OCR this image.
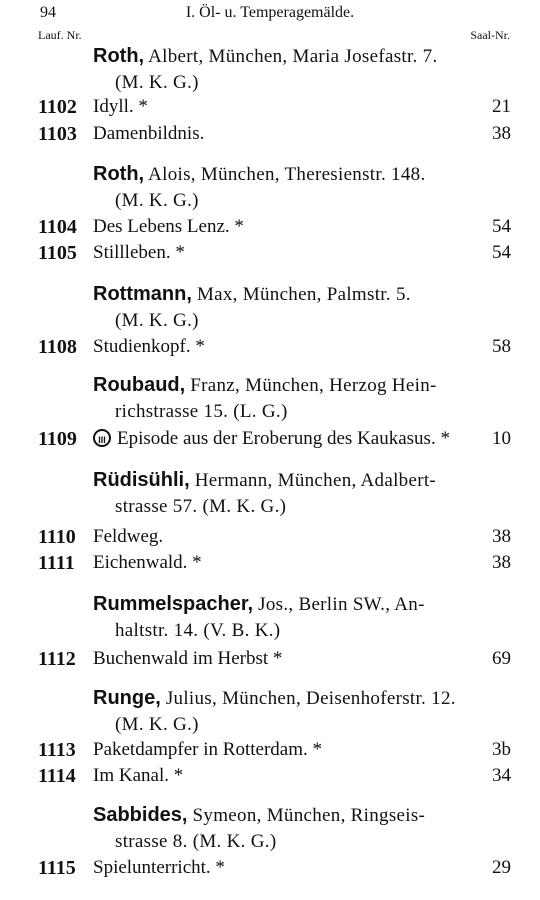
94	I. Öl- u. Temperagemälde.
Lauf. Nr.	Saal-Nr.
Roth, Albert, München, Maria Josefastr. 7.
(M. K. G.)
1102 Idyll. *	21
1103 Damenbildnis.	38
Roth, Alois, München, Theresienstr. 148.
(M. K. G.)
1104 Des Lebens Lenz. *	54
1105 Stillleben. *	54
Rottmann, Max, München, Palmstr. 5.
(M. K. G.)
1108 Studienkopf. *	58
Roubaud, Franz, München, Herzog Hein-
richstrasse 15. (L. G.)
1109	III Episode aus der Eroberung des Kaukasus. * 10
Rüdisühli, Hermann, München, Adalbert-
strasse 57. (M. K. G.)
1110 Feldweg.	38
1111 Eichenwald. *	38
Rummelspacher, Jos., Berlin SW., An-
haltstr. 14. (V. B. K.)
1112 Buchenwald im Herbst *	69
Runge, Julius, München, Deisenhoferstr. 12.
(M. K. G.)
1113 Paketdampfer in Rotterdam. *	3b
1114 Im Kanal. *	34
Sabbides, Symeon, München, Ringseis-
strasse 8. (M. K. G.)
1115 Spielunterricht. *	29
